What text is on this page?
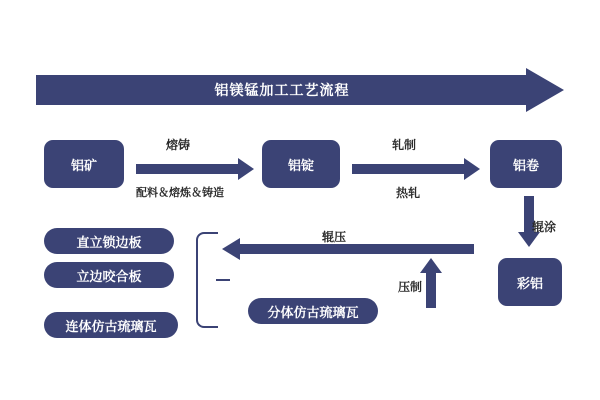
铝镁锰加工工艺流程
铝矿	铝锭	铝卷
彩铝
直立锁边板
立边咬合板
连体仿古琉璃瓦
分体仿古琉璃瓦
熔铸
配料＆熔炼＆铸造
轧制
热轧
辊涂
压制
辊压
